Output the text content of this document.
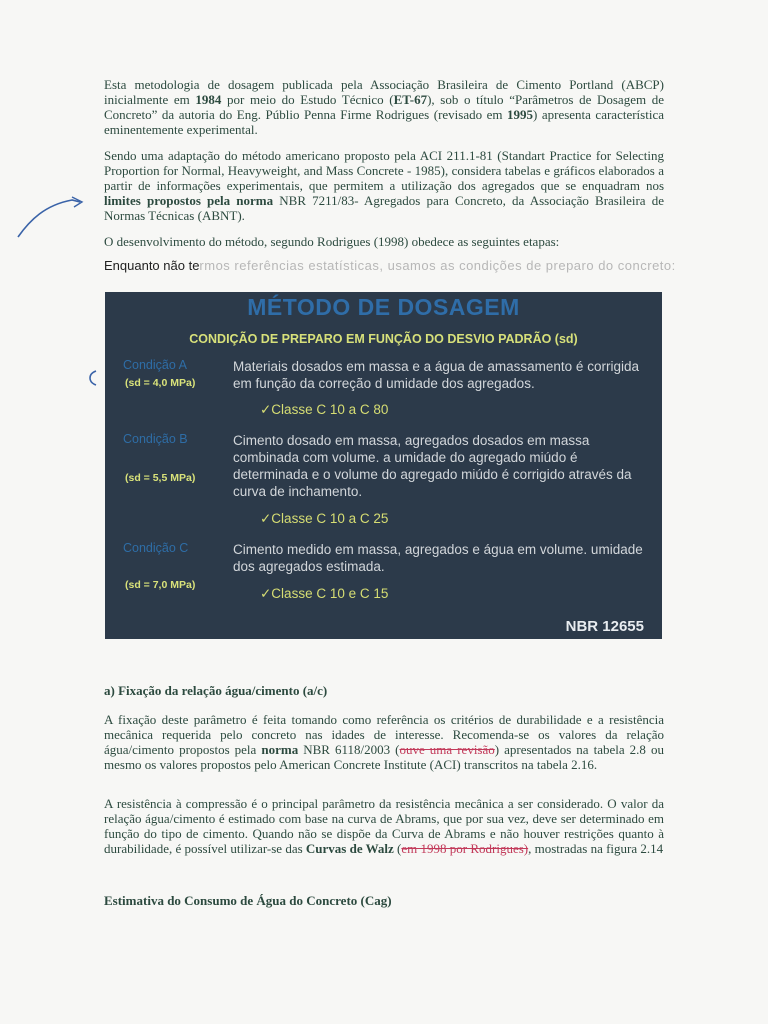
Esta metodologia de dosagem publicada pela Associação Brasileira de Cimento Portland (ABCP) inicialmente em 1984 por meio do Estudo Técnico (ET-67), sob o título “Parâmetros de Dosagem de Concreto” da autoria do Eng. Públio Penna Firme Rodrigues (revisado em 1995) apresenta característica eminentemente experimental.

Sendo uma adaptação do método americano proposto pela ACI 211.1-81 (Standart Practice for Selecting Proportion for Normal, Heavyweight, and Mass Concrete - 1985), considera tabelas e gráficos elaborados a partir de informações experimentais, que permitem a utilização dos agregados que se enquadram nos limites propostos pela norma NBR 7211/83- Agregados para Concreto, da Associação Brasileira de Normas Técnicas (ABNT).

O desenvolvimento do método, segundo Rodrigues (1998) obedece as seguintes etapas:

Enquanto não termos referências estatísticas, usamos as condições de preparo do concreto:
MÉTODO DE DOSAGEM
CONDIÇÃO DE PREPARO EM FUNÇÃO DO DESVIO PADRÃO (sd)
Condição A
(sd = 4,0 MPa)
Materiais dosados em massa e a água de amassamento é corrigida em função da correção d umidade dos agregados.
✓Classe C 10 a C 80
Condição B
(sd = 5,5 MPa)
Cimento dosado em massa, agregados dosados em massa combinada com volume. a umidade do agregado miúdo é determinada e o volume do agregado miúdo é corrigido através da curva de inchamento.
✓Classe C 10 a C 25
Condição C
(sd = 7,0 MPa)
Cimento medido em massa, agregados e água em volume. umidade dos agregados estimada.
✓Classe C 10 e C 15
NBR 12655
a) Fixação da relação água/cimento (a/c)

A fixação deste parâmetro é feita tomando como referência os critérios de durabilidade e a resistência mecânica requerida pelo concreto nas idades de interesse. Recomenda-se os valores da relação água/cimento propostos pela norma NBR 6118/2003 (ouve uma revisão) apresentados na tabela 2.8 ou mesmo os valores propostos pelo American Concrete Institute (ACI) transcritos na tabela 2.16.

A resistência à compressão é o principal parâmetro da resistência mecânica a ser considerado. O valor da relação água/cimento é estimado com base na curva de Abrams, que por sua vez, deve ser determinado em função do tipo de cimento. Quando não se dispõe da Curva de Abrams e não houver restrições quanto à durabilidade, é possível utilizar-se das Curvas de Walz (em 1998 por Rodrigues), mostradas na figura 2.14

Estimativa do Consumo de Água do Concreto (Cag)
